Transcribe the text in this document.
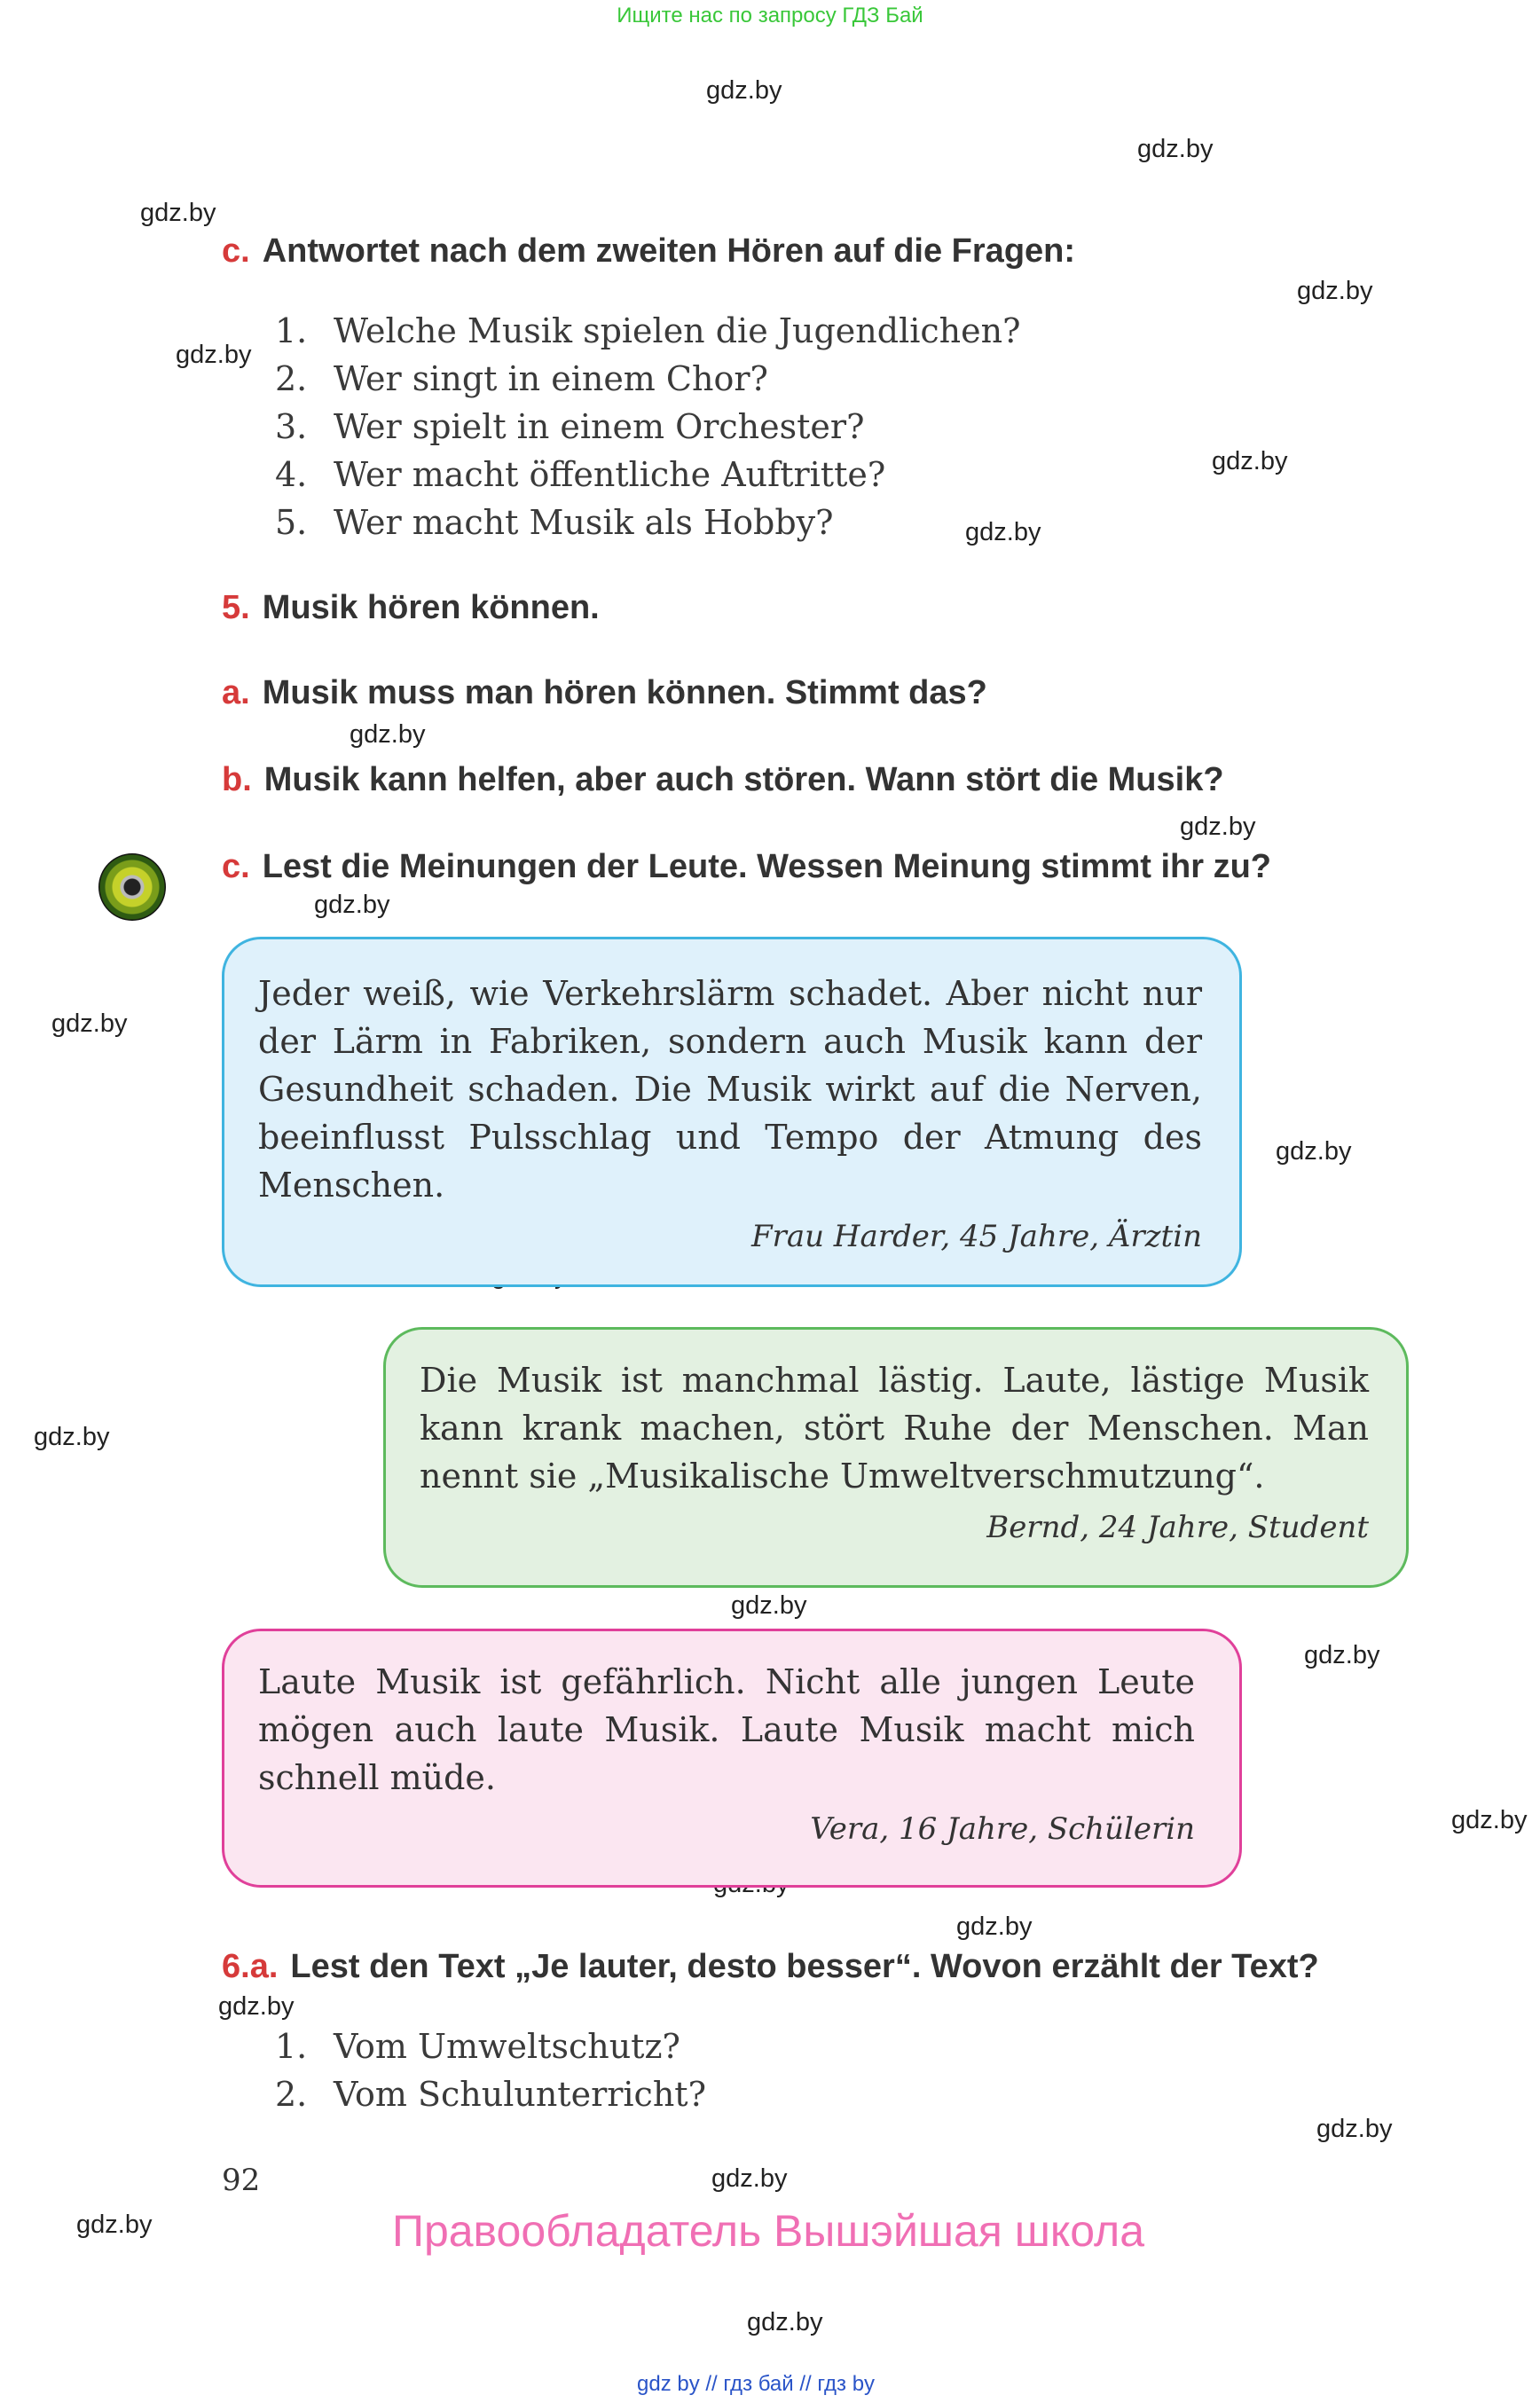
Ищите нас по запросу ГДЗ Бай
gdz.by
gdz.by
gdz.by
gdz.by
gdz.by
gdz.by
gdz.by
gdz.by
gdz.by
gdz.by
gdz.by
gdz.by
gdz.by
gdz.by
gdz.by
gdz.by
gdz.by
gdz.by
gdz.by
gdz.by
gdz.by
gdz.by
c. Antwortet nach dem zweiten Hören auf die Fragen:
1. Welche Musik spielen die Jugendlichen?
2. Wer singt in einem Chor?
3. Wer spielt in einem Orchester?
4. Wer macht öffentliche Auftritte?
5. Wer macht Musik als Hobby?
5. Musik hören können.
a. Musik muss man hören können. Stimmt das?
b. Musik kann helfen, aber auch stören. Wann stört die Musik?
c. Lest die Meinungen der Leute. Wessen Meinung stimmt ihr zu?
Jeder weiß, wie Verkehrslärm schadet. Aber nicht nur der Lärm in Fabriken, sondern auch Musik kann der Gesundheit schaden. Die Musik wirkt auf die Nerven, beeinflusst Pulsschlag und Tempo der Atmung des Menschen.
Frau Harder, 45 Jahre, Ärztin
Die Musik ist manchmal lästig. Laute, lästige Musik kann krank machen, stört Ruhe der Menschen. Man nennt sie „Musikalische Umweltverschmutzung“.
Bernd, 24 Jahre, Student
Laute Musik ist gefährlich. Nicht alle jungen Leute mögen auch laute Musik. Laute Musik macht mich schnell müde.
Vera, 16 Jahre, Schülerin
6.a. Lest den Text „Je lauter, desto besser“. Wovon erzählt der Text?
1. Vom Umweltschutz?
2. Vom Schulunterricht?
92
Правообладатель Вышэйшая школа
gdz by // гдз бай // гдз by
